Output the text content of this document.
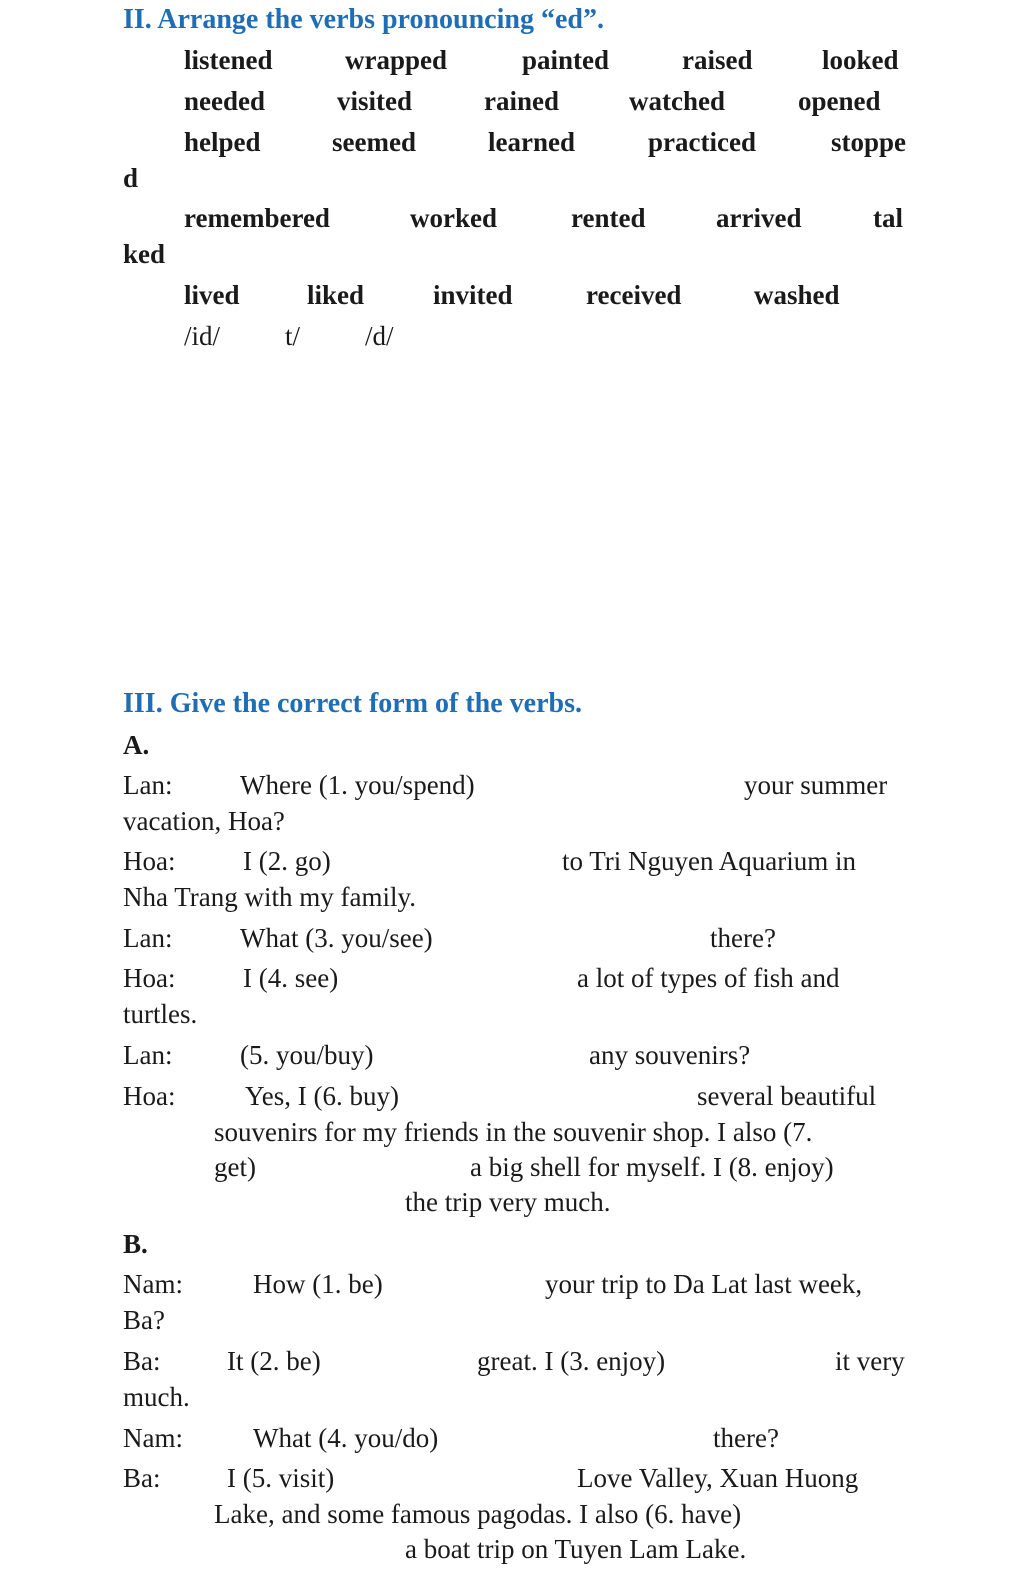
II. Arrange the verbs pronouncing “ed”.
listened	wrapped	painted	raised	looked
needed	visited	rained	watched	opened
helped	seemed	learned	practiced	stoppe
d
remembered	worked	rented	arrived	tal
ked
lived liked	invited	received	washed
/id/ t/ /d/
III. Give the correct form of the verbs.
A.
Lan:	Where (1. you/spend)	your summer
vacation, Hoa?
Hoa:	I (2. go)	to Tri Nguyen Aquarium in
Nha Trang with my family.
Lan:	What (3. you/see)	there?
Hoa:	I (4. see)	a lot of types of fish and
turtles.
Lan:	(5. you/buy)	any souvenirs?
Hoa:	Yes, I (6. buy)	several beautiful
souvenirs for my friends in the souvenir shop. I also (7.
get)	a big shell for myself. I (8. enjoy)
the trip very much.
B.
Nam:	How (1. be)	your trip to Da Lat last week,
Ba?
Ba: It (2. be)	great. I (3. enjoy)	it very
much.
Nam:	What (4. you/do)	there?
Ba: I (5. visit)	Love Valley, Xuan Huong
Lake, and some famous pagodas. I also (6. have)
a boat trip on Tuyen Lam Lake.
